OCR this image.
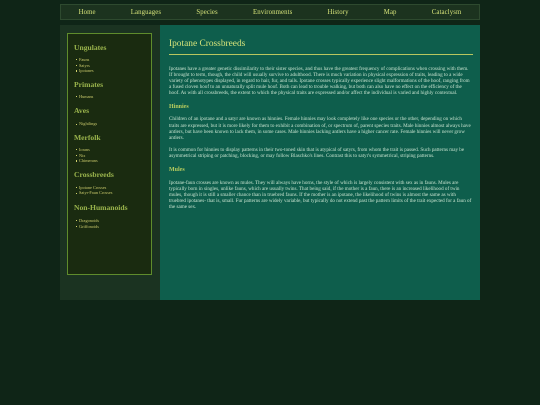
Home	Languages	Species	Environments	History	Map	Cataclysm
Ungulates
Fauns
Satyrs
Ipotanes
Primates
Humans
Aves
Nightlings
Merfolk
Iorans
Nix
Chimerans
Crossbreeds
Ipotane Crosses
Satyr-Faun Crosses
Non-Humanoids
Dragonoids
Griffonoids
Ipotane Crossbreeds

Ipotanes have a greater genetic dissimilarity to their sister species, and thus have the greatest frequency of complications when crossing with them. If brought to term, though, the child will usually survive to adulthood. There is much variation in physical expression of traits, leading to a wide variety of phenotypes displayed, in regard to hair, fur, and tails. Ipotane crosses typically experience slight malformations of the hoof, ranging from a fused cloven hoof to an unnaturally split mule hoof. Both can lead to trouble walking, but both can also have no effect on the efficiency of the hoof. As with all crossbreeds, the extent to which the physical traits are expressed and/or affect the individual is varied and highly contextual.

Hinnies

Children of an ipotane and a satyr are known as hinnies. Female hinnies may look completely like one species or the other, depending on which traits are expressed, but it is more likely for them to exhibit a combination of, or spectrum of, parent species traits. Male hinnies almost always have antlers, but have been known to lack them, in some cases. Male hinnies lacking antlers have a higher cancer rate. Female hinnies will never grow antlers.

It is common for hinnies to display patterns in their two-toned skin that is atypical of satyrs, from whom the trait is passed. Such patterns may be asymmetrical striping or patching, blocking, or may follow Blaschko's lines. Contrast this to satyr's symmetrical, striping patterns.

Mules

Ipotane-faun crosses are known as mules. They will always have horns, the style of which is largely consistent with sex as in fauns. Mules are typically born in singles, unlike fauns, which are usually twins. That being said, if the mother is a faun, there is an increased likelihood of twin mules, though it is still a smaller chance than in truebred fauns. If the mother is an ipotane, the likelihood of twins is almost the same as with truebred ipotanes- that is, small. Fur patterns are widely variable, but typically do not extend past the pattern limits of the trait expected for a faun of the same sex.
